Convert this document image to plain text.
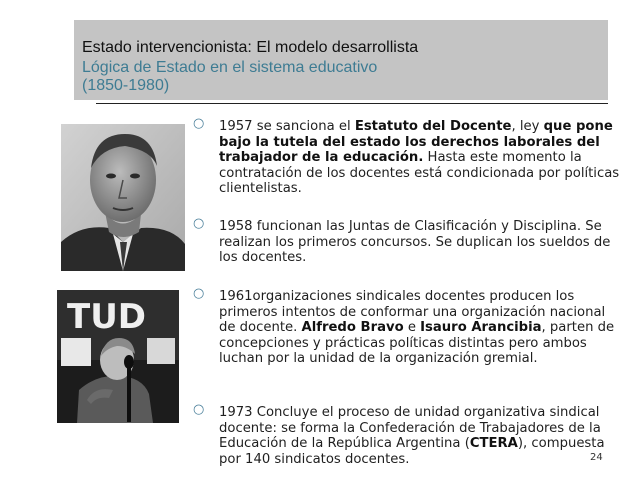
Estado intervencionista: El modelo desarrollista
Lógica de Estado en el sistema educativo
(1850-1980)
TUD
○ 1957 se sanciona el Estatuto del Docente, ley que pone bajo la tutela del estado los derechos laborales del trabajador de la educación. Hasta este momento la contratación de los docentes está condicionada por políticas clientelistas.
○ 1958 funcionan las Juntas de Clasificación y Disciplina. Se realizan los primeros concursos. Se duplican los sueldos de los docentes.
○ 1961organizaciones sindicales docentes producen los primeros intentos de conformar una organización nacional de docente. Alfredo Bravo e Isauro Arancibia, parten de concepciones y prácticas políticas distintas pero ambos luchan por la unidad de la organización gremial.
○ 1973 Concluye el proceso de unidad organizativa sindical docente: se forma la Confederación de Trabajadores de la Educación de la República Argentina (CTERA), compuesta por 140 sindicatos docentes.	24
